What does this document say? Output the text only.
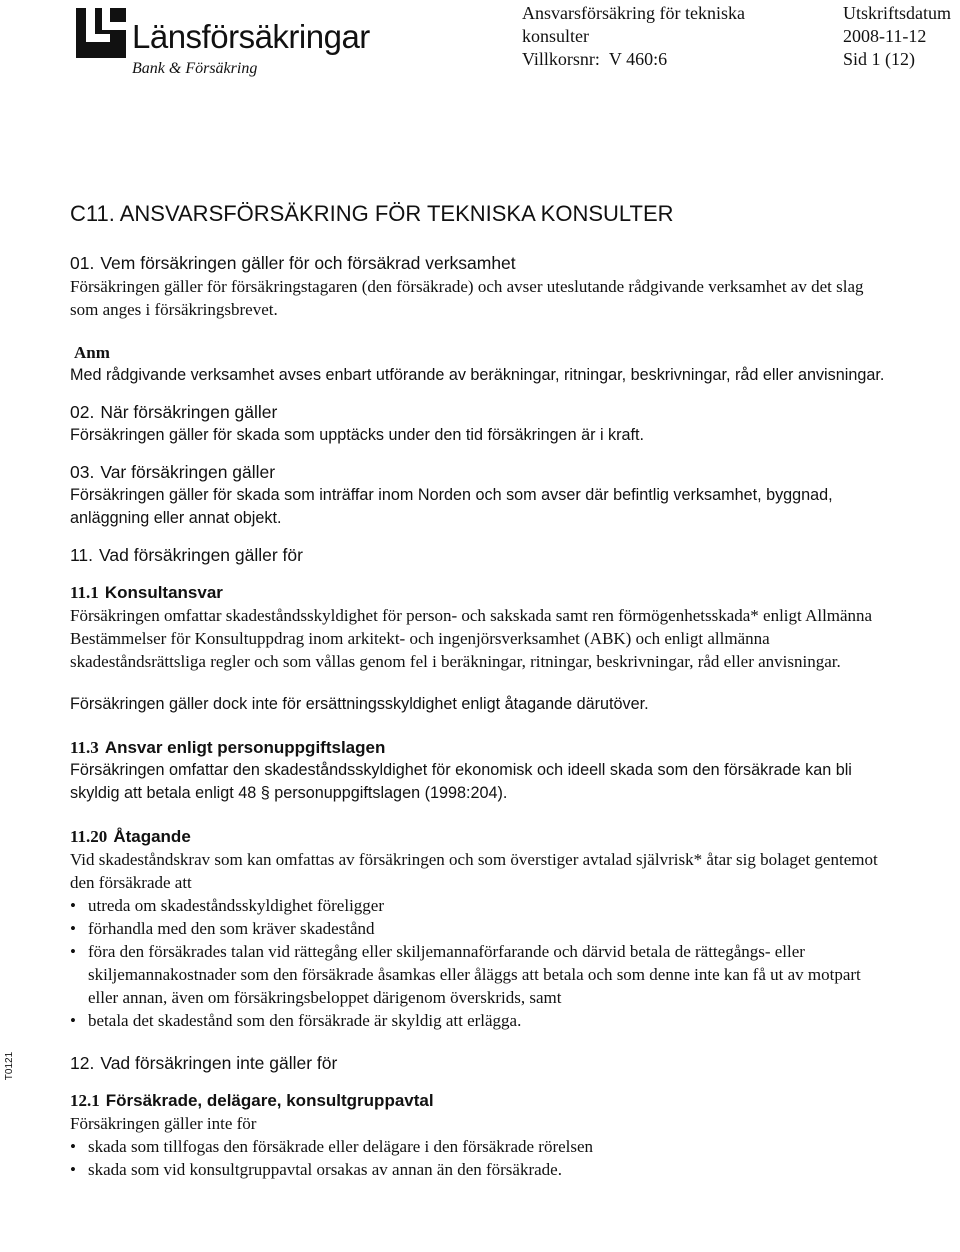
Länsförsäkringar
Bank & Försäkring
Ansvarsförsäkring för tekniska
konsulter
Villkorsnr: V 460:6
Utskriftsdatum
2008-11-12
Sid 1 (12)
T0121

C11. ANSVARSFÖRSÄKRING FÖR TEKNISKA KONSULTER

01. Vem försäkringen gäller för och försäkrad verksamhet

Försäkringen gäller för försäkringstagaren (den försäkrade) och avser uteslutande rådgivande verksamhet av det slag som anges i försäkringsbrevet.

Anm

Med rådgivande verksamhet avses enbart utförande av beräkningar, ritningar, beskrivningar, råd eller anvisningar.

02. När försäkringen gäller

Försäkringen gäller för skada som upptäcks under den tid försäkringen är i kraft.

03. Var försäkringen gäller

Försäkringen gäller för skada som inträffar inom Norden och som avser där befintlig verksamhet, byggnad, anläggning eller annat objekt.

11. Vad försäkringen gäller för

11.1 Konsultansvar

Försäkringen omfattar skadeståndsskyldighet för person- och sakskada samt ren förmögenhetsskada* enligt Allmänna Bestämmelser för Konsultuppdrag inom arkitekt- och ingenjörsverksamhet (ABK) och enligt allmänna skadeståndsrättsliga regler och som vållas genom fel i beräkningar, ritningar, beskrivningar, råd eller anvisningar.

Försäkringen gäller dock inte för ersättningsskyldighet enligt åtagande därutöver.

11.3 Ansvar enligt personuppgiftslagen

Försäkringen omfattar den skadeståndsskyldighet för ekonomisk och ideell skada som den försäkrade kan bli skyldig att betala enligt 48 § personuppgiftslagen (1998:204).

11.20 Åtagande

Vid skadeståndskrav som kan omfattas av försäkringen och som överstiger avtalad självrisk* åtar sig bolaget gentemot den försäkrade att

• utreda om skadeståndsskyldighet föreligger
• förhandla med den som kräver skadestånd
• föra den försäkrades talan vid rättegång eller skiljemannaförfarande och därvid betala de rättegångs- eller skiljemannakostnader som den försäkrade åsamkas eller åläggs att betala och som denne inte kan få ut av motpart eller annan, även om försäkringsbeloppet därigenom överskrids, samt
• betala det skadestånd som den försäkrade är skyldig att erlägga.

12. Vad försäkringen inte gäller för

12.1 Försäkrade, delägare, konsultgruppavtal

Försäkringen gäller inte för

• skada som tillfogas den försäkrade eller delägare i den försäkrade rörelsen
• skada som vid konsultgruppavtal orsakas av annan än den försäkrade.
